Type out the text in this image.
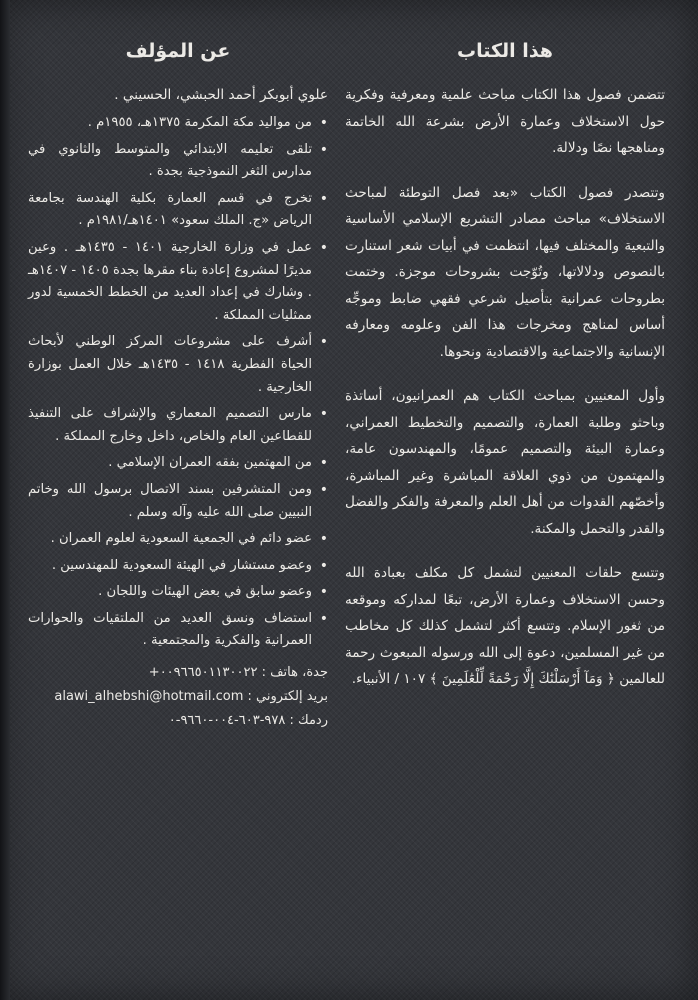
هذا الكتاب

تتضمن فصول هذا الكتاب مباحث علمية ومعرفية وفكرية حول الاستخلاف وعمارة الأرض بشرعة الله الخاتمة ومناهجها نصًا ودلالة.

وتتصدر فصول الكتاب «بعد فصل التوطئة لمباحث الاستخلاف» مباحث مصادر التشريع الإسلامي الأساسية والتبعية والمختلف فيها، انتظمت في أبيات شعر استنارت بالنصوص ودلالاتها، وتُوّجت بشروحات موجزة. وختمت بطروحات عمرانية بتأصيل شرعي فقهي ضابط وموجِّه أساس لمناهج ومخرجات هذا الفن وعلومه ومعارفه الإنسانية والاجتماعية والاقتصادية ونحوها.

وأول المعنيين بمباحث الكتاب هم العمرانيون، أساتذة وباحثو وطلبة العمارة، والتصميم والتخطيط العمراني، وعمارة البيئة والتصميم عمومًا، والمهندسون عامة، والمهتمون من ذوي العلاقة المباشرة وغير المباشرة، وأخصّهم القدوات من أهل العلم والمعرفة والفكر والفضل والقدر والتحمل والمكنة.

وتتسع حلقات المعنيين لتشمل كل مكلف بعبادة الله وحسن الاستخلاف وعمارة الأرض، تبعًا لمداركه وموقعه من ثغور الإسلام. وتتسع أكثر لتشمل كذلك كل مخاطب من غير المسلمين، دعوة إلى الله ورسوله المبعوث رحمة للعالمين ﴿ وَمَآ أَرْسَلْنَٰكَ إِلَّا رَحْمَةً لِّلْعَٰلَمِينَ ﴾ ١٠٧ / الأنبياء.

عن المؤلف

علوي أبوبكر أحمد الحبشي، الحسيني .

•
من مواليد مكة المكرمة ١٣٧٥هـ، ١٩٥٥م .
•
تلقى تعليمه الابتدائي والمتوسط والثانوي في مدارس الثغر النموذجية بجدة .
•
تخرج في قسم العمارة بكلية الهندسة بجامعة الرياض «ج. الملك سعود» ١٤٠١هـ/١٩٨١م .
•
عمل في وزارة الخارجية ١٤٠١ - ١٤٣٥هـ . وعين مديرًا لمشروع إعادة بناء مقرها بجدة ١٤٠٥ - ١٤٠٧هـ . وشارك في إعداد العديد من الخطط الخمسية لدور ممثليات المملكة .
•
أشرف على مشروعات المركز الوطني لأبحاث الحياة الفطرية ١٤١٨ - ١٤٣٥هـ خلال العمل بوزارة الخارجية .
•
مارس التصميم المعماري والإشراف على التنفيذ للقطاعين العام والخاص، داخل وخارج المملكة .
•
من المهتمين بفقه العمران الإسلامي .
•
ومن المتشرفين بسند الاتصال برسول الله وخاتم النبيين صلى الله عليه وآله وسلم .
•
عضو دائم في الجمعية السعودية لعلوم العمران .
•
وعضو مستشار في الهيئة السعودية للمهندسين .
•
وعضو سابق في بعض الهيئات واللجان .
•
استضاف ونسق العديد من الملتقيات والحوارات العمرانية والفكرية والمجتمعية .
جدة، هاتف : ٠٠٩٦٦٥٠١١٣٠٠٢٢+
بريد إلكتروني : alawi_alhebshi@hotmail.com
ردمك : ٩٧٨-٦٠٣-٠٠٤-٩٦٦٠-٠
